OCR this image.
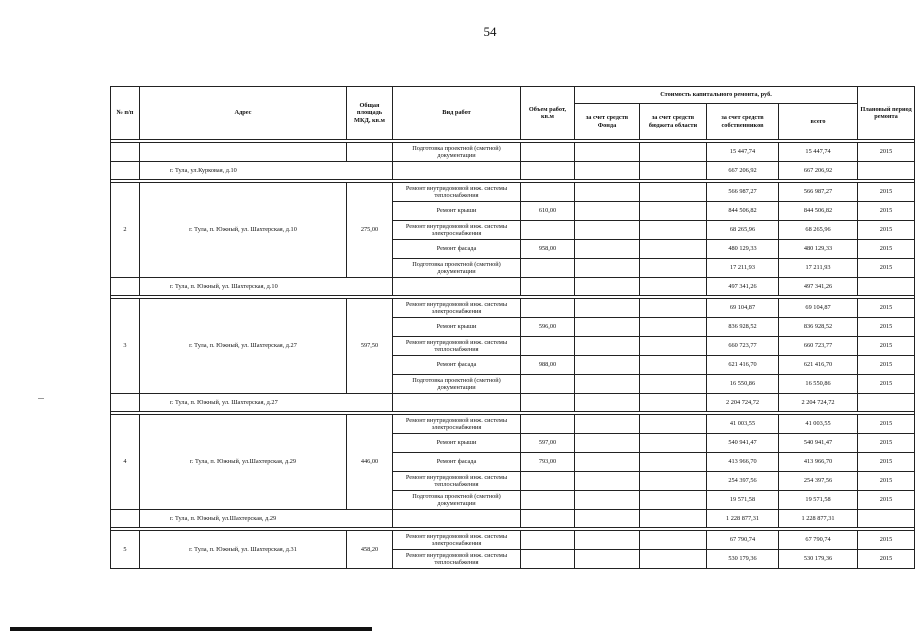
54
№ п/п	Адрес	Общая площадь МКД, кв.м	Вид работ	Объем работ, кв.м	Стоимость капитального ремонта, руб.				Плановый период ремонта
					за счет средств Фонда	за счет средств бюджета области	за счет средств собственников	всего	

			Подготовка проектной (сметной) документации				15 447,74	15 447,74	2015
	г. Тула, ул.Курковая, д.10						667 206,92	667 206,92	

2	г. Тула, п. Южный, ул. Шахтерская, д.10	275,00	Ремонт внутридомовой инж. системы теплоснабжения				566 987,27	566 987,27	2015
			Ремонт крыши	610,00			844 506,82	844 506,82	2015
			Ремонт внутридомовой инж. системы электроснабжения				68 265,96	68 265,96	2015
			Ремонт фасада	958,00			480 129,33	480 129,33	2015
			Подготовка проектной (сметной) документации				17 211,93	17 211,93	2015
	г. Тула, п. Южный, ул. Шахтерская, д.10						497 341,26	497 341,26	

3	г. Тула, п. Южный, ул. Шахтерская, д.27	597,50	Ремонт внутридомовой инж. системы электроснабжения				69 104,87	69 104,87	2015
			Ремонт крыши	596,00			836 928,52	836 928,52	2015
			Ремонт внутридомовой инж. системы теплоснабжения				660 723,77	660 723,77	2015
			Ремонт фасада	988,00			621 416,70	621 416,70	2015
			Подготовка проектной (сметной) документации				16 550,86	16 550,86	2015
	г. Тула, п. Южный, ул. Шахтерская, д.27						2 204 724,72	2 204 724,72	

4	г. Тула, п. Южный, ул.Шахтерская, д.29	446,00	Ремонт внутридомовой инж. системы электроснабжения				41 003,55	41 003,55	2015
			Ремонт крыши	597,00			540 941,47	540 941,47	2015
			Ремонт фасада	793,00			413 966,70	413 966,70	2015
			Ремонт внутридомовой инж. системы теплоснабжения				254 397,56	254 397,56	2015
			Подготовка проектной (сметной) документации				19 571,58	19 571,58	2015
	г. Тула, п. Южный, ул.Шахтерская, д.29						1 228 877,31	1 228 877,31	

5	г. Тула, п. Южный, ул. Шахтерская, д.31	458,20	Ремонт внутридомовой инж. системы электроснабжения				67 790,74	67 790,74	2015
			Ремонт внутридомовой инж. системы теплоснабжения				530 179,36	530 179,36	2015
